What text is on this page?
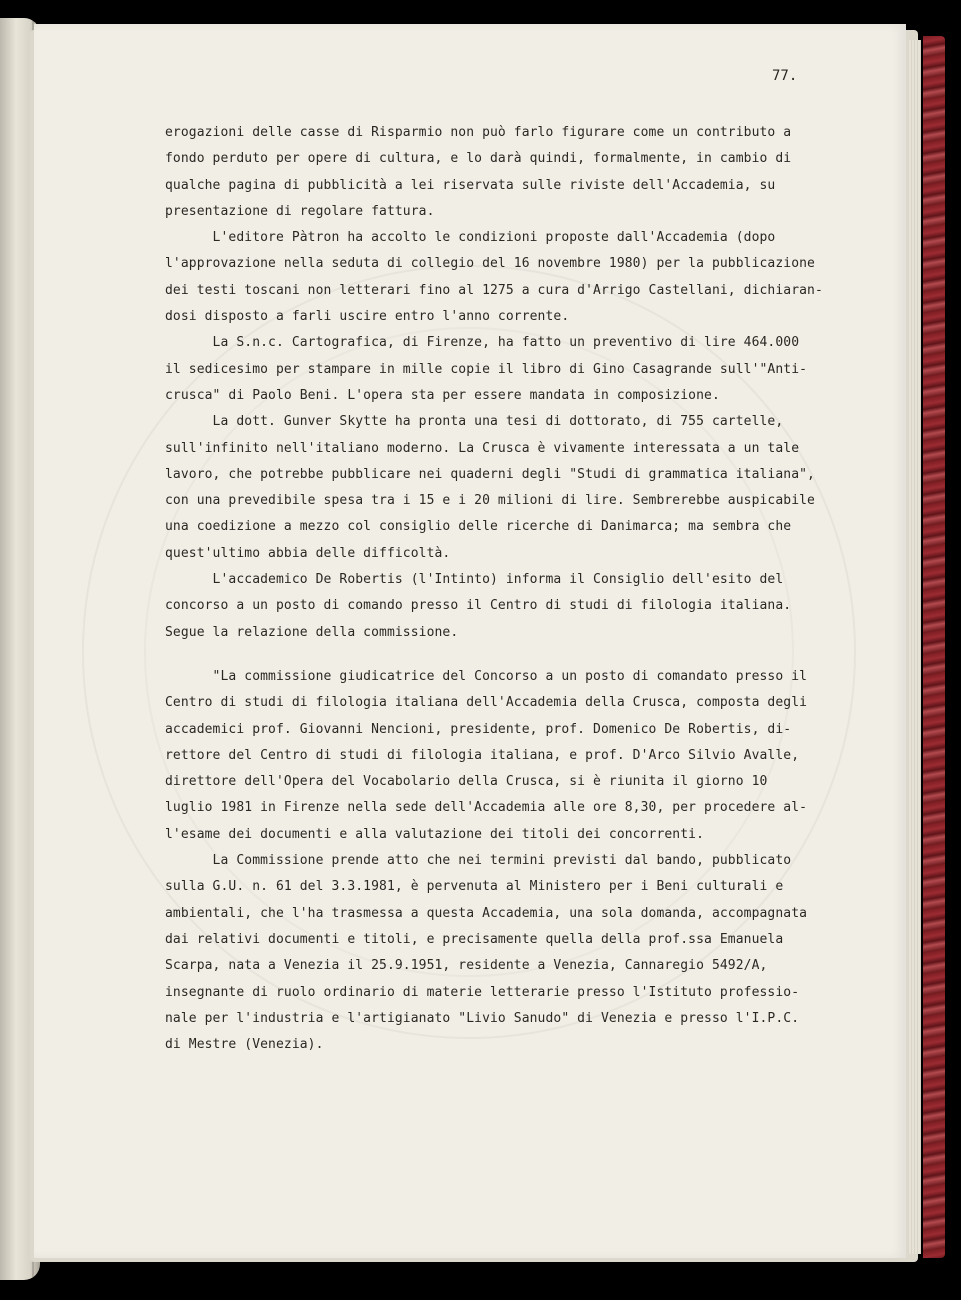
77.
erogazioni delle casse di Risparmio non può farlo figurare come un contributo a
fondo perduto per opere di cultura, e lo darà quindi, formalmente, in cambio di
qualche pagina di pubblicità a lei riservata sulle riviste dell'Accademia, su
presentazione di regolare fattura.
L'editore Pàtron ha accolto le condizioni proposte dall'Accademia (dopo
l'approvazione nella seduta di collegio del 16 novembre 1980) per la pubblicazione
dei testi toscani non letterari fino al 1275 a cura d'Arrigo Castellani, dichiaran-
dosi disposto a farli uscire entro l'anno corrente.
La S.n.c. Cartografica, di Firenze, ha fatto un preventivo di lire 464.000
il sedicesimo per stampare in mille copie il libro di Gino Casagrande sull'"Anti-
crusca" di Paolo Beni. L'opera sta per essere mandata in composizione.
La dott. Gunver Skytte ha pronta una tesi di dottorato, di 755 cartelle,
sull'infinito nell'italiano moderno. La Crusca è vivamente interessata a un tale
lavoro, che potrebbe pubblicare nei quaderni degli "Studi di grammatica italiana",
con una prevedibile spesa tra i 15 e i 20 milioni di lire. Sembrerebbe auspicabile
una coedizione a mezzo col consiglio delle ricerche di Danimarca; ma sembra che
quest'ultimo abbia delle difficoltà.
L'accademico De Robertis (l'Intinto) informa il Consiglio dell'esito del
concorso a un posto di comando presso il Centro di studi di filologia italiana.
Segue la relazione della commissione.
"La commissione giudicatrice del Concorso a un posto di comandato presso il
Centro di studi di filologia italiana dell'Accademia della Crusca, composta degli
accademici prof. Giovanni Nencioni, presidente, prof. Domenico De Robertis, di-
rettore del Centro di studi di filologia italiana, e prof. D'Arco Silvio Avalle,
direttore dell'Opera del Vocabolario della Crusca, si è riunita il giorno 10
luglio 1981 in Firenze nella sede dell'Accademia alle ore 8,30, per procedere al-
l'esame dei documenti e alla valutazione dei titoli dei concorrenti.
La Commissione prende atto che nei termini previsti dal bando, pubblicato
sulla G.U. n. 61 del 3.3.1981, è pervenuta al Ministero per i Beni culturali e
ambientali, che l'ha trasmessa a questa Accademia, una sola domanda, accompagnata
dai relativi documenti e titoli, e precisamente quella della prof.ssa Emanuela
Scarpa, nata a Venezia il 25.9.1951, residente a Venezia, Cannaregio 5492/A,
insegnante di ruolo ordinario di materie letterarie presso l'Istituto professio-
nale per l'industria e l'artigianato "Livio Sanudo" di Venezia e presso l'I.P.C.
di Mestre (Venezia).
